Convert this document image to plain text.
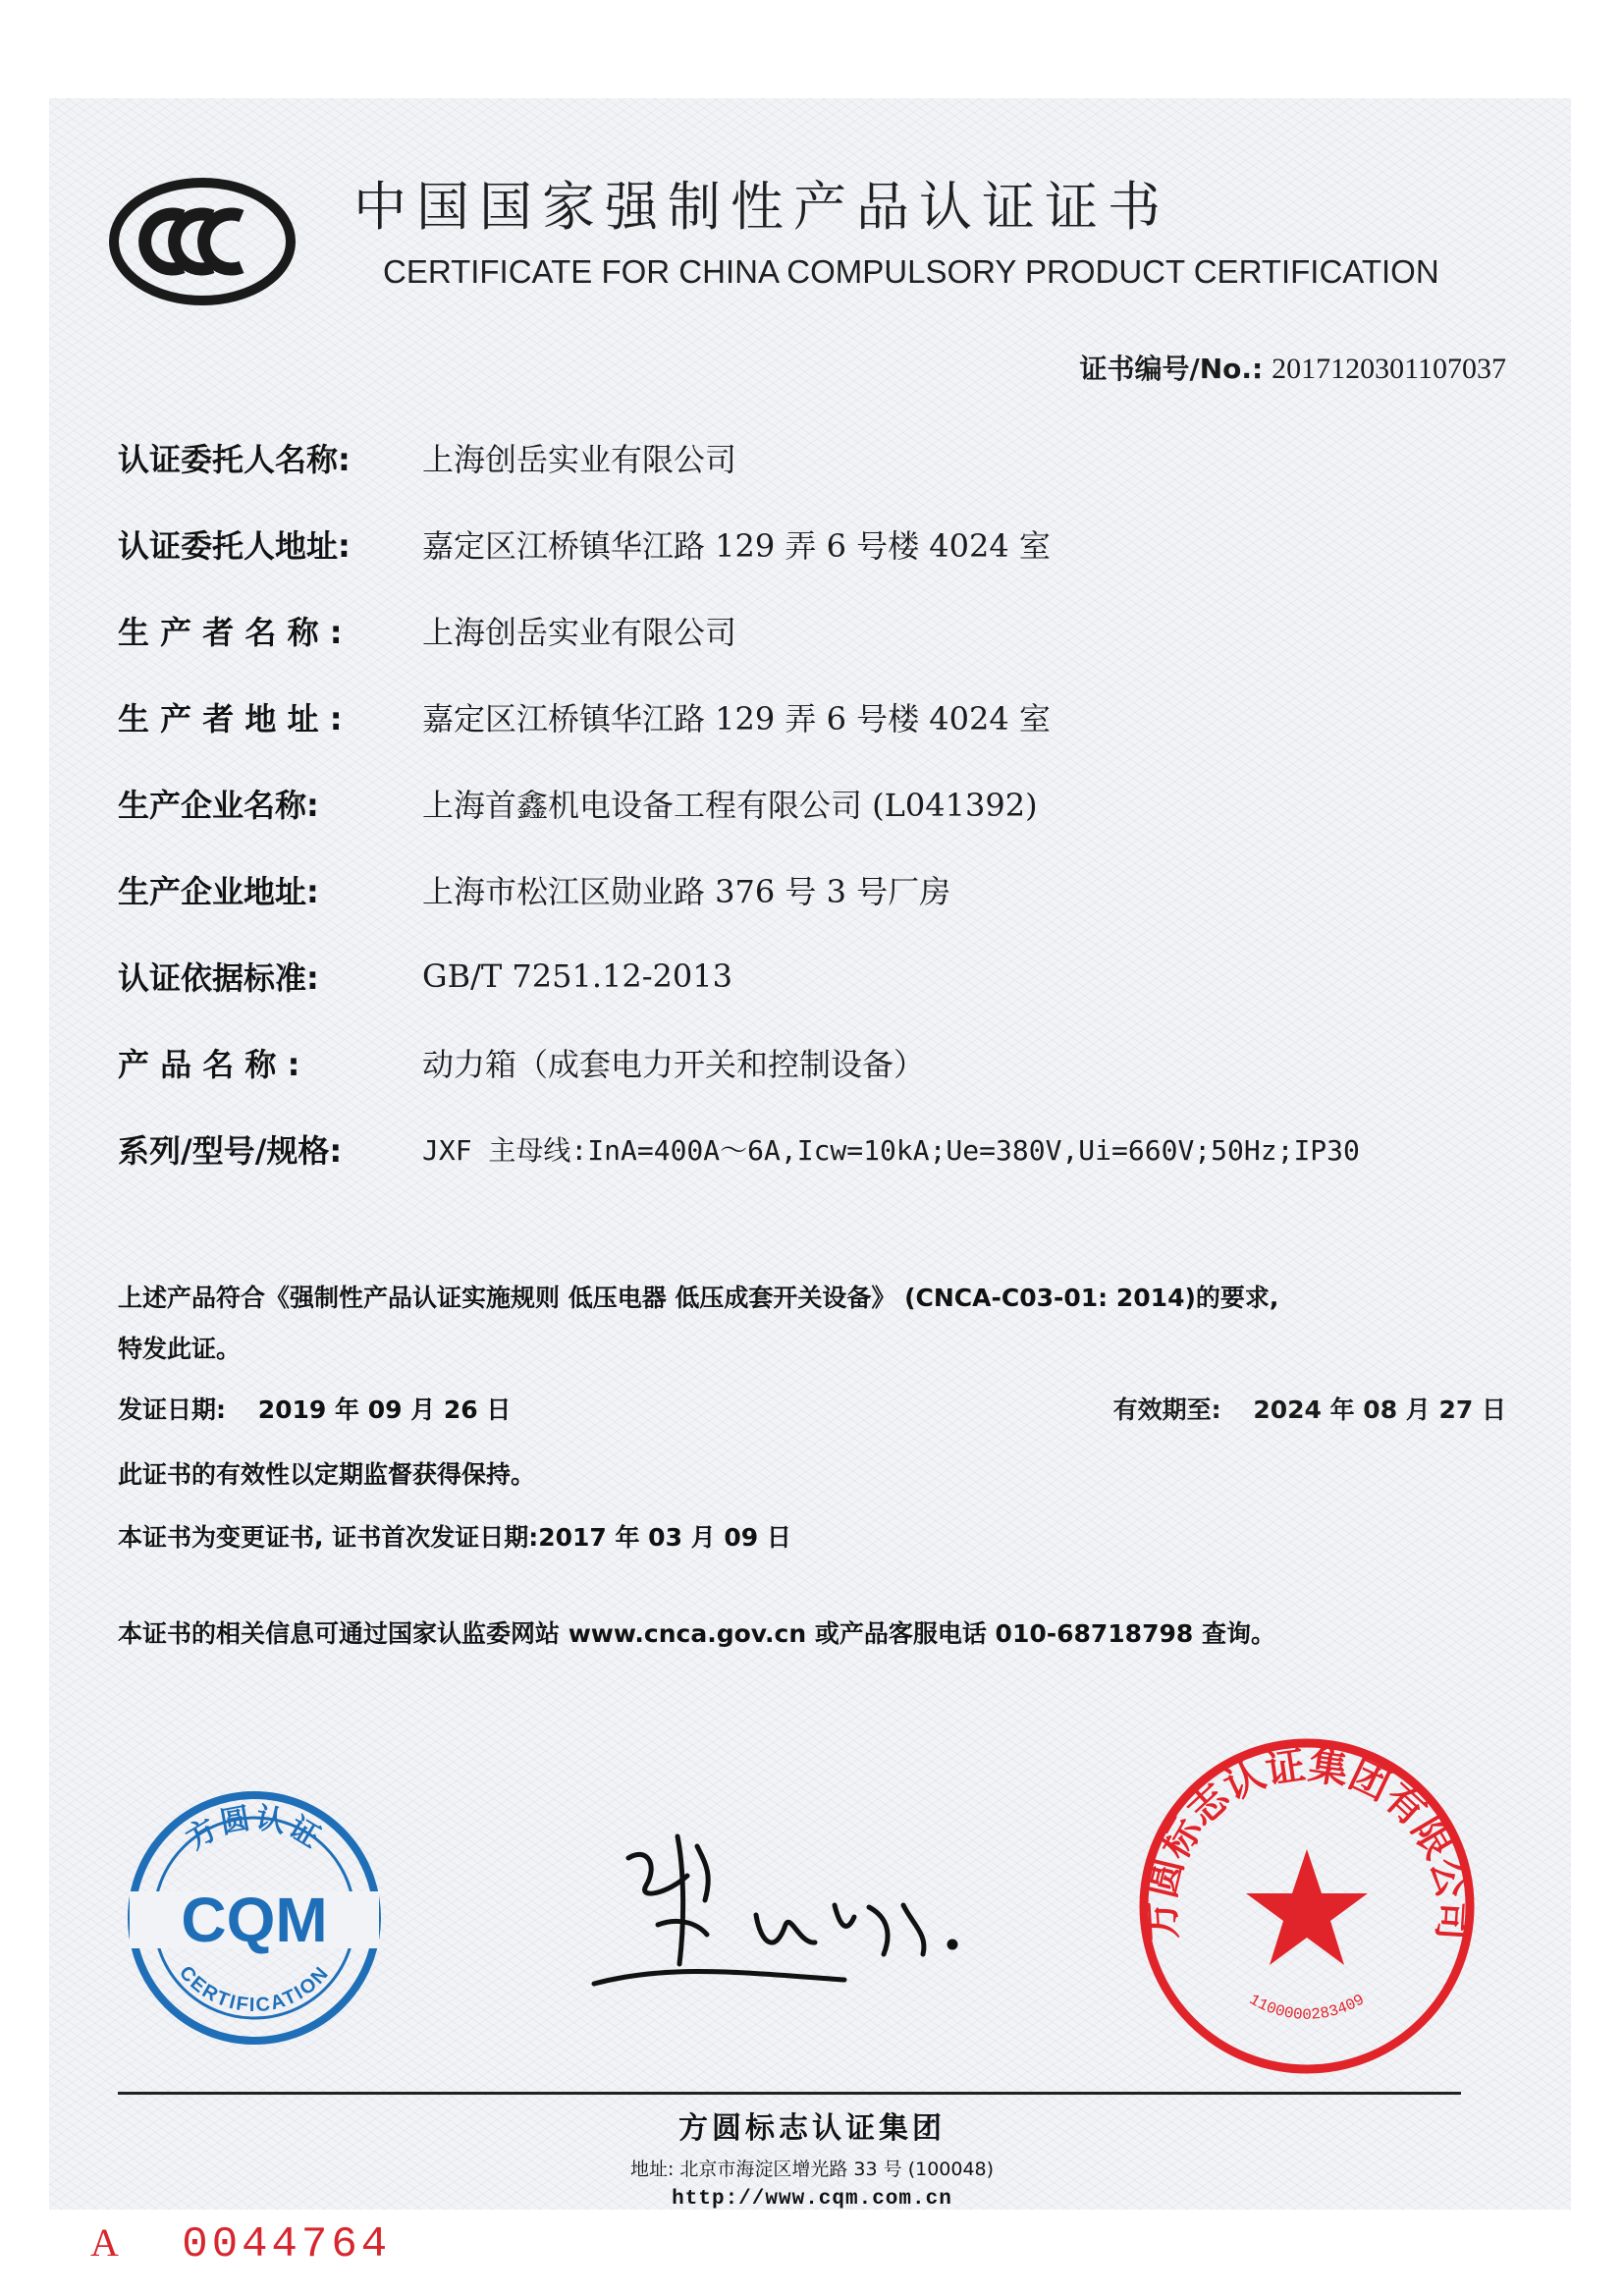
中国国家强制性产品认证证书
CERTIFICATE FOR CHINA COMPULSORY PRODUCT CERTIFICATION
证书编号/No.: 2017120301107037
认证委托人名称:	上海创岳实业有限公司
认证委托人地址:	嘉定区江桥镇华江路 129 弄 6 号楼 4024 室
生 产 者 名 称 :	上海创岳实业有限公司
生 产 者 地 址 :	嘉定区江桥镇华江路 129 弄 6 号楼 4024 室
生产企业名称:	上海首鑫机电设备工程有限公司 (L041392)
生产企业地址:	上海市松江区勋业路 376 号 3 号厂房
认证依据标准:	GB/T 7251.12-2013
产 品 名 称 :	动力箱（成套电力开关和控制设备）
系列/型号/规格:	JXF 主母线:InA=400A～6A,Icw=10kA;Ue=380V,Ui=660V;50Hz;IP30
上述产品符合《强制性产品认证实施规则 低压电器 低压成套开关设备》 (CNCA-C03-01: 2014)的要求,
特发此证。
发证日期: 2019 年 09 月 26 日	有效期至: 2024 年 08 月 27 日
此证书的有效性以定期监督获得保持。
本证书为变更证书, 证书首次发证日期:2017 年 03 月 09 日
本证书的相关信息可通过国家认监委网站 www.cnca.gov.cn 或产品客服电话 010-68718798 查询。
方圆认证
CQM
CERTIFICATION
方圆标志认证集团有限公司
1100000283409
方圆标志认证集团
地址: 北京市海淀区增光路 33 号 (100048)
http://www.cqm.com.cn
A 0044764
